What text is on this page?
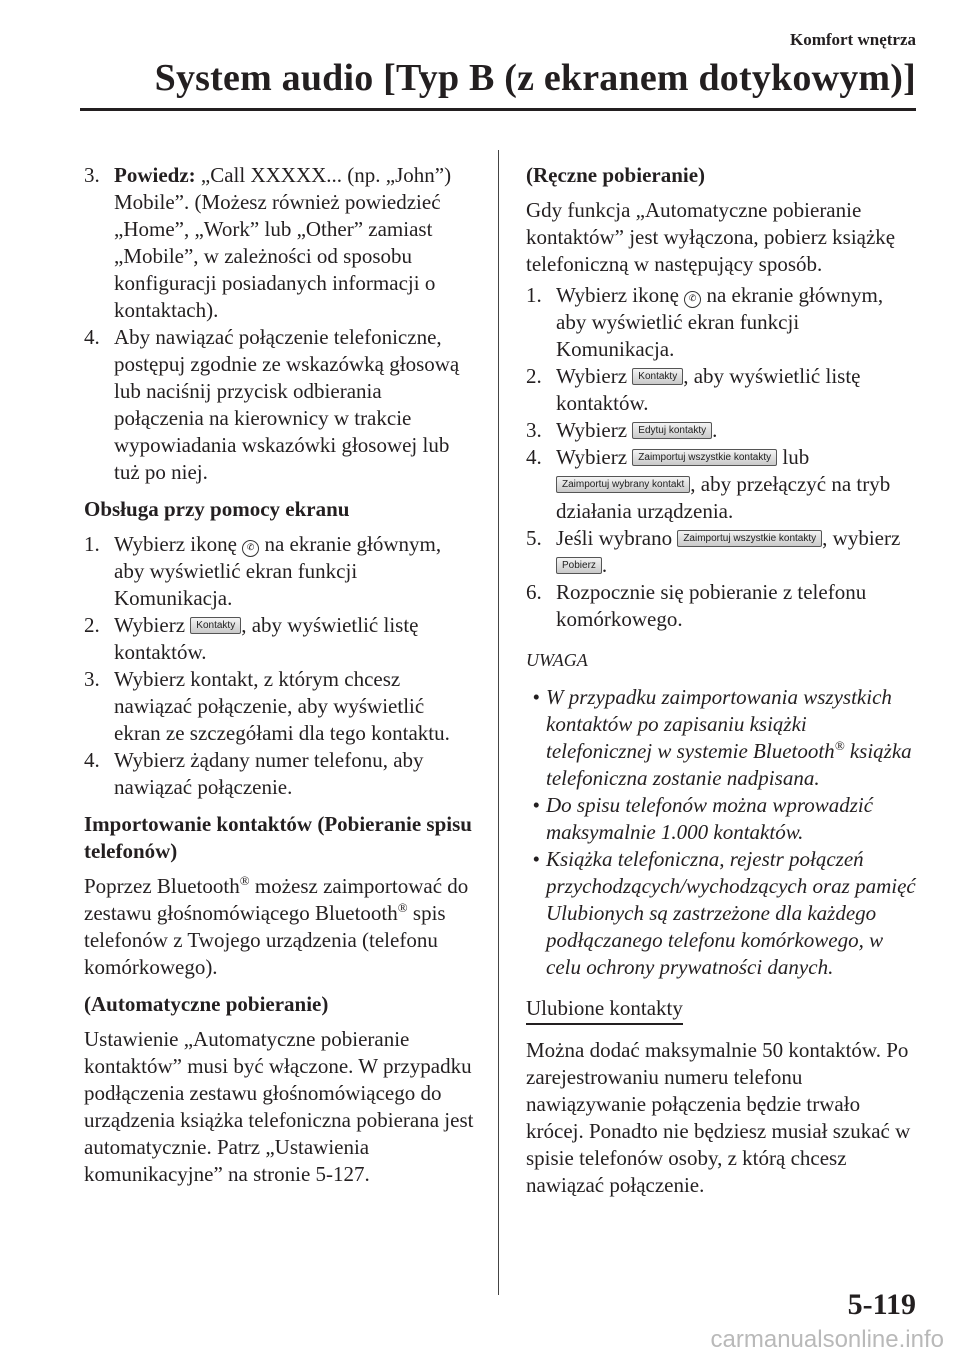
Komfort wnętrza
System audio [Typ B (z ekranem dotykowym)]
3. Powiedz: „Call XXXXX... (np. „John”) Mobile”. (Możesz również powiedzieć „Home”, „Work” lub „Other” zamiast „Mobile”, w zależności od sposobu konfiguracji posiadanych informacji o kontaktach).
4. Aby nawiązać połączenie telefoniczne, postępuj zgodnie ze wskazówką głosową lub naciśnij przycisk odbierania połączenia na kierownicy w trakcie wypowiadania wskazówki głosowej lub tuż po niej.
Obsługa przy pomocy ekranu
1. Wybierz ikonę ✆ na ekranie głównym, aby wyświetlić ekran funkcji Komunikacja.
2. Wybierz Kontakty , aby wyświetlić listę kontaktów.
3. Wybierz kontakt, z którym chcesz nawiązać połączenie, aby wyświetlić ekran ze szczegółami dla tego kontaktu.
4. Wybierz żądany numer telefonu, aby nawiązać połączenie.
Importowanie kontaktów (Pobieranie spisu telefonów)

Poprzez Bluetooth® możesz zaimportować do zestawu głośnomówiącego Bluetooth® spis telefonów z Twojego urządzenia (telefonu komórkowego).

(Automatyczne pobieranie)

Ustawienie „Automatyczne pobieranie kontaktów” musi być włączone. W przypadku podłączenia zestawu głośnomówiącego do urządzenia książka telefoniczna pobierana jest automatycznie. Patrz „Ustawienia komunikacyjne” na stronie 5-127.

(Ręczne pobieranie)

Gdy funkcja „Automatyczne pobieranie kontaktów” jest wyłączona, pobierz książkę telefoniczną w następujący sposób.

1. Wybierz ikonę ✆ na ekranie głównym, aby wyświetlić ekran funkcji Komunikacja.
2. Wybierz Kontakty , aby wyświetlić listę kontaktów.
3. Wybierz Edytuj kontakty .
4. Wybierz Zaimportuj wszystkie kontakty lub Zaimportuj wybrany kontakt , aby przełączyć na tryb działania urządzenia.
5. Jeśli wybrano Zaimportuj wszystkie kontakty , wybierz Pobierz .
6. Rozpocznie się pobieranie z telefonu komórkowego.
UWAGA
• W przypadku zaimportowania wszystkich kontaktów po zapisaniu książki telefonicznej w systemie Bluetooth® książka telefoniczna zostanie nadpisana.
• Do spisu telefonów można wprowadzić maksymalnie 1.000 kontaktów.
• Książka telefoniczna, rejestr połączeń przychodzących/wychodzących oraz pamięć Ulubionych są zastrzeżone dla każdego podłączanego telefonu komórkowego, w celu ochrony prywatności danych.
Ulubione kontakty

Można dodać maksymalnie 50 kontaktów. Po zarejestrowaniu numeru telefonu nawiązywanie połączenia będzie trwało krócej. Ponadto nie będziesz musiał szukać w spisie telefonów osoby, z którą chcesz nawiązać połączenie.

5-119
carmanualsonline.info
